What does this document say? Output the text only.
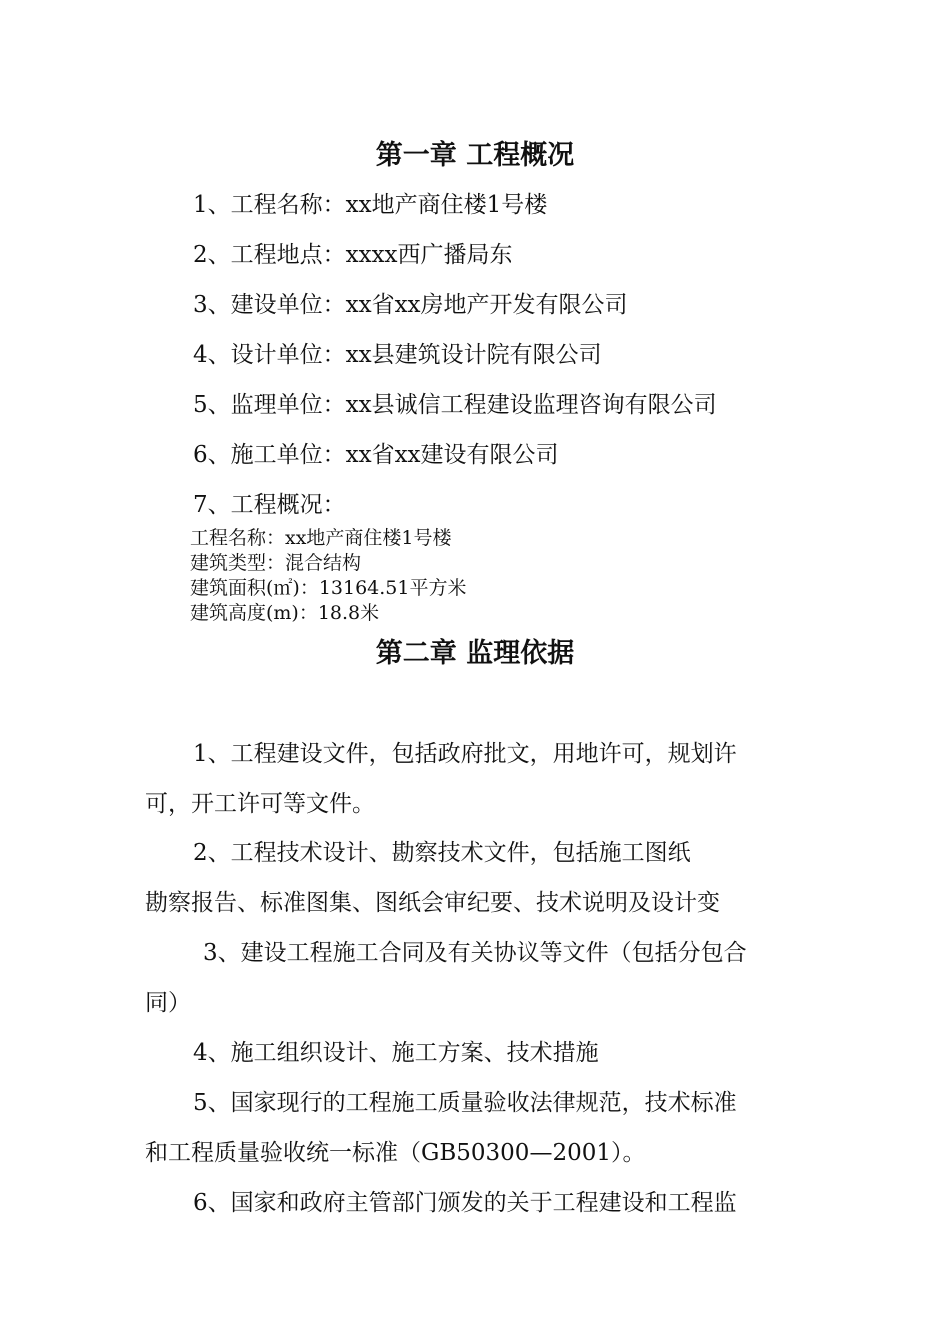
第一章 工程概况
1、工程名称：xx地产商住楼1号楼
2、工程地点：xxxx西广播局东
3、建设单位：xx省xx房地产开发有限公司
4、设计单位：xx县建筑设计院有限公司
5、监理单位：xx县诚信工程建设监理咨询有限公司
6、施工单位：xx省xx建设有限公司
7、工程概况：
工程名称：xx地产商住楼1号楼
建筑类型：混合结构
建筑面积(㎡)：13164.51平方米
建筑高度(m)：18.8米
第二章 监理依据
1、工程建设文件，包括政府批文，用地许可，规划许
可，开工许可等文件。
2、工程技术设计、勘察技术文件，包括施工图纸
勘察报告、标准图集、图纸会审纪要、技术说明及设计变
3、建设工程施工合同及有关协议等文件（包括分包合
同）
4、施工组织设计、施工方案、技术措施
5、国家现行的工程施工质量验收法律规范，技术标准
和工程质量验收统一标准（GB50300—2001）。
6、国家和政府主管部门颁发的关于工程建设和工程监
